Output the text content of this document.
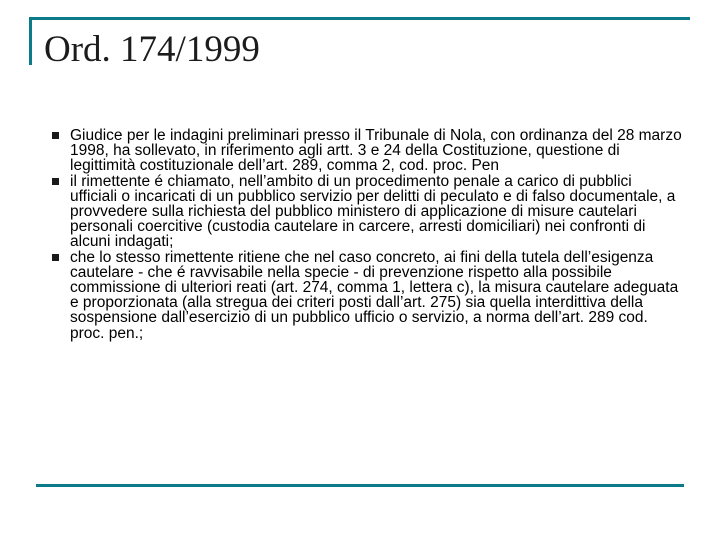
Ord. 174/1999
Giudice per le indagini preliminari presso il Tribunale di Nola, con ordinanza del 28 marzo 1998, ha sollevato, in riferimento agli artt. 3 e 24 della Costituzione, questione di legittimità costituzionale dell’art. 289, comma 2, cod. proc. Pen
il rimettente é chiamato, nell’ambito di un procedimento penale a carico di pubblici ufficiali o incaricati di un pubblico servizio per delitti di peculato e di falso documentale, a provvedere sulla richiesta del pubblico ministero di applicazione di misure cautelari personali coercitive (custodia cautelare in carcere, arresti domiciliari) nei confronti di alcuni indagati;
che lo stesso rimettente ritiene che nel caso concreto, ai fini della tutela dell’esigenza cautelare - che é ravvisabile nella specie - di prevenzione rispetto alla possibile commissione di ulteriori reati (art. 274, comma 1, lettera c), la misura cautelare adeguata e proporzionata (alla stregua dei criteri posti dall’art. 275) sia quella interdittiva della sospensione dall’esercizio di un pubblico ufficio o servizio, a norma dell’art. 289 cod. proc. pen.;
